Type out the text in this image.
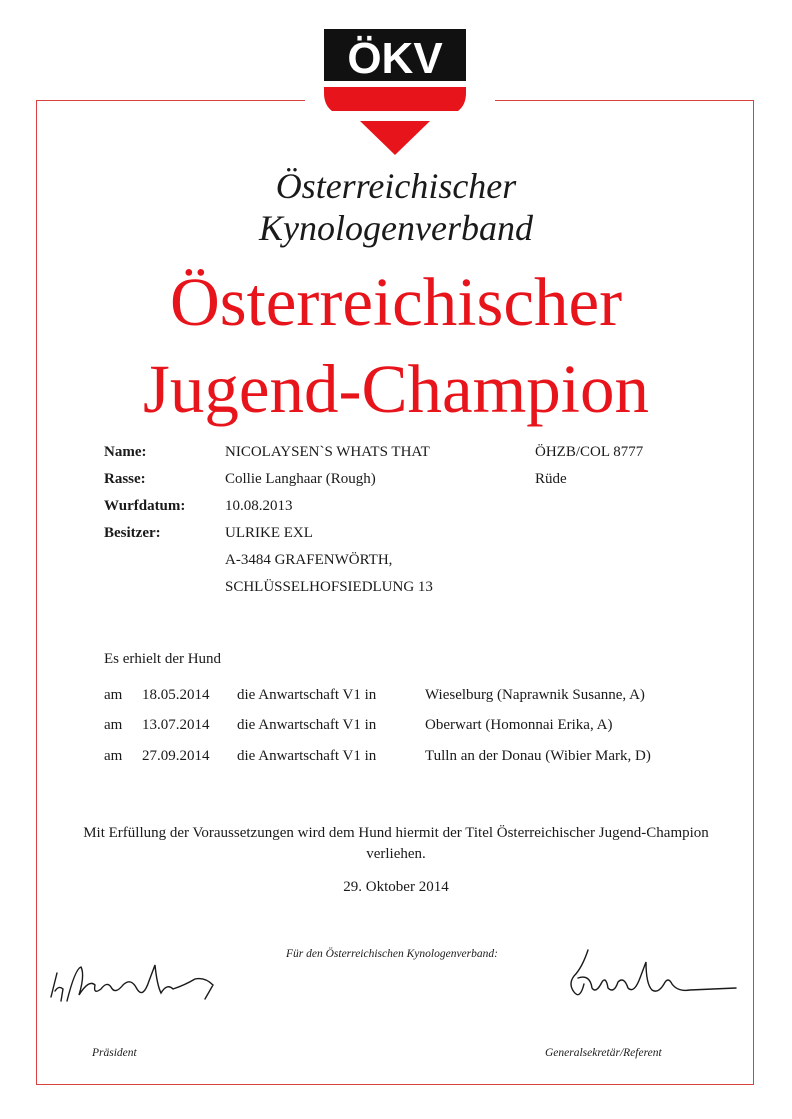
ÖKV
Österreichischer
Kynologenverband
Österreichischer
Jugend-Champion
Name:	NICOLAYSEN`S WHATS THAT	ÖHZB/COL 8777
Rasse:	Collie Langhaar (Rough)	Rüde
Wurfdatum:	10.08.2013
Besitzer:	ULRIKE EXL
A-3484 GRAFENWÖRTH,
SCHLÜSSELHOFSIEDLUNG 13
Es erhielt der Hund
am 18.05.2014 die Anwartschaft V1 in	Wieselburg (Naprawnik Susanne, A)
am 13.07.2014 die Anwartschaft V1 in	Oberwart (Homonnai Erika, A)
am 27.09.2014 die Anwartschaft V1 in	Tulln an der Donau (Wibier Mark, D)
Mit Erfüllung der Voraussetzungen wird dem Hund hiermit der Titel Österreichischer Jugend-Champion
verliehen.
29. Oktober 2014
Für den Österreichischen Kynologenverband:
Präsident	Generalsekretär/Referent
